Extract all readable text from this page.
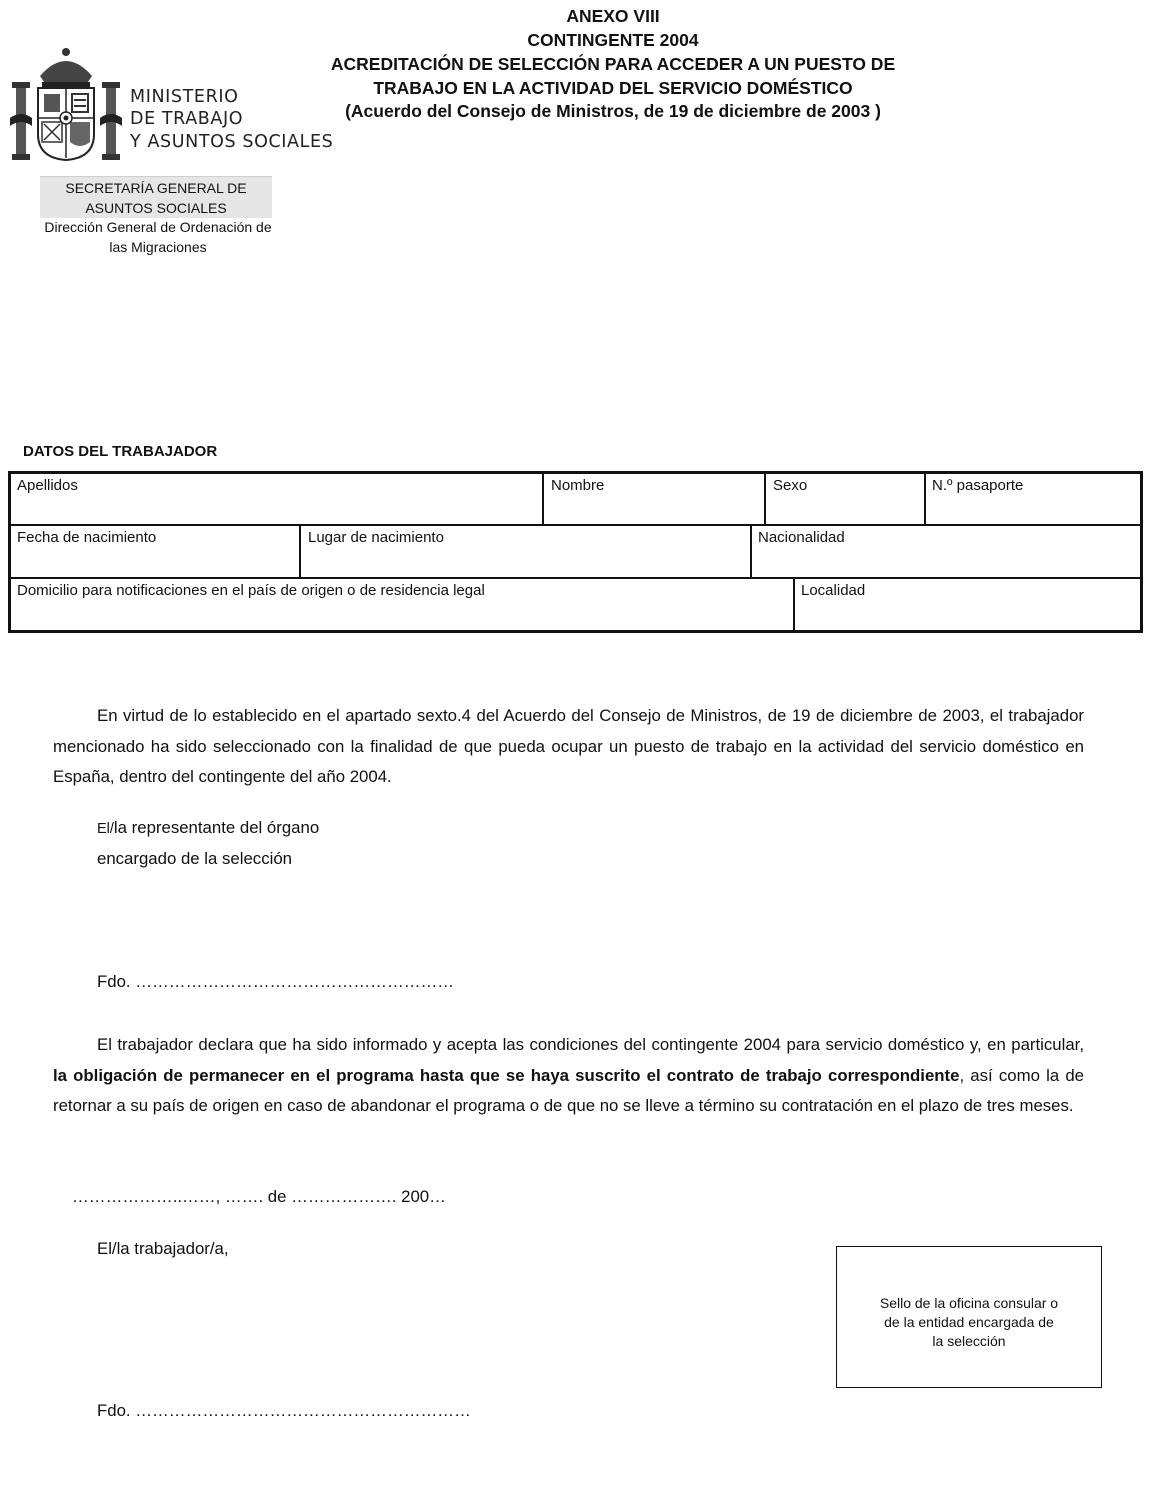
MINISTERIO
DE TRABAJO
Y ASUNTOS SOCIALES
SECRETARÍA GENERAL DE
ASUNTOS SOCIALES
Dirección General de Ordenación de
las Migraciones
ANEXO VIII
CONTINGENTE 2004
ACREDITACIÓN DE SELECCIÓN PARA ACCEDER A UN PUESTO DE
TRABAJO EN LA ACTIVIDAD DEL SERVICIO DOMÉSTICO
(Acuerdo del Consejo de Ministros, de 19 de diciembre de 2003 )
DATOS DEL TRABAJADOR
Apellidos	Nombre	Sexo	N.º pasaporte
Fecha de nacimiento	Lugar de nacimiento	Nacionalidad
Domicilio para notificaciones en el país de origen o de residencia legal	Localidad
En virtud de lo establecido en el apartado sexto.4 del Acuerdo del Consejo de Ministros, de 19 de diciembre de 2003, el trabajador mencionado ha sido seleccionado con la finalidad de que pueda ocupar un puesto de trabajo en la actividad del servicio doméstico en España, dentro del contingente del año 2004.
El/la representante del órgano
encargado de la selección
Fdo. …………………………………………………
El trabajador declara que ha sido informado y acepta las condiciones del contingente 2004 para servicio doméstico y, en particular, la obligación de permanecer en el programa hasta que se haya suscrito el contrato de trabajo correspondiente, así como la de retornar a su país de origen en caso de abandonar el programa o de que no se lleve a término su contratación en el plazo de tres meses.
………………..……, ……. de ………………. 200…
El/la trabajador/a,
Sello de la oficina consular o
de la entidad encargada de
la selección
Fdo. ……………………………………………………
